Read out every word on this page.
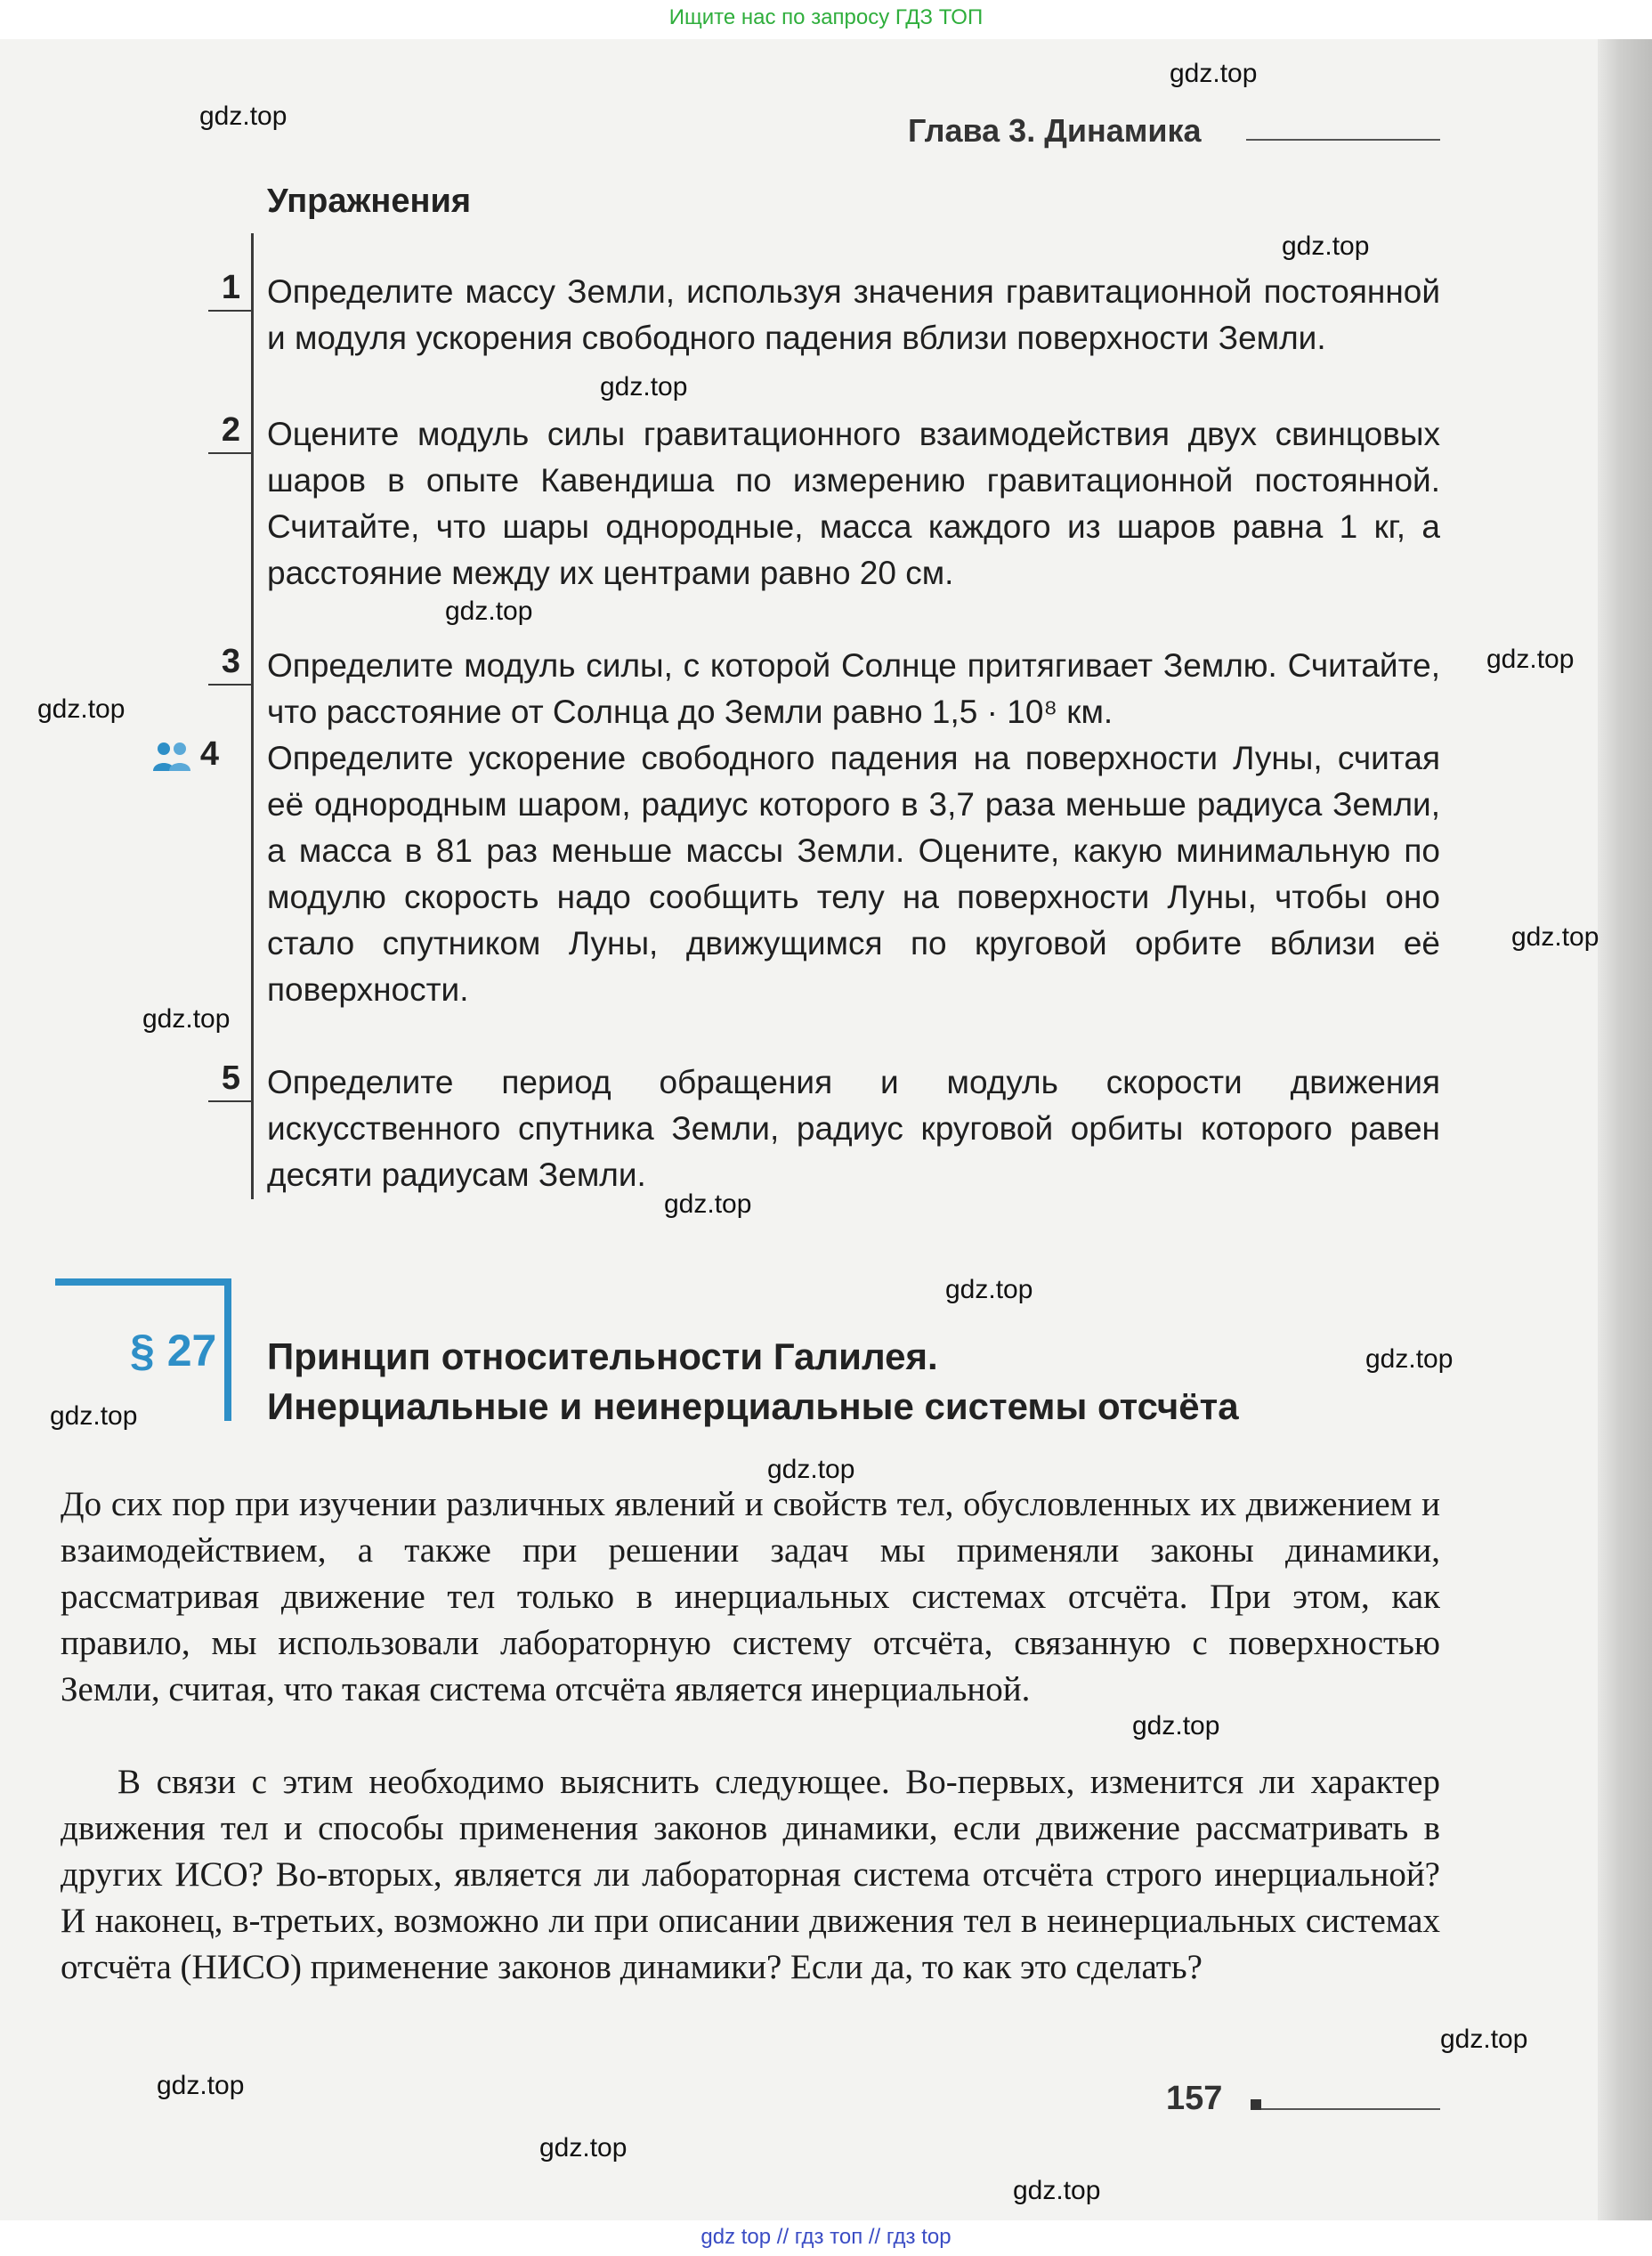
Ищите нас по запросу ГДЗ ТОП
Глава 3. Динамика
Упражнения
1 Определите массу Земли, используя значения гравитационной постоянной и модуля ускорения свободного падения вблизи поверхности Земли.
2 Оцените модуль силы гравитационного взаимодействия двух свинцовых шаров в опыте Кавендиша по измерению гравитационной постоянной. Считайте, что шары однородные, масса каждого из шаров равна 1 кг, а расстояние между их центрами равно 20 см.
3 Определите модуль силы, с которой Солнце притягивает Землю. Считайте, что расстояние от Солнца до Земли равно 1,5 · 10⁸ км.
4 Определите ускорение свободного падения на поверхности Луны, считая её однородным шаром, радиус которого в 3,7 раза меньше радиуса Земли, а масса в 81 раз меньше массы Земли. Оцените, какую минимальную по модулю скорость надо сообщить телу на поверхности Луны, чтобы оно стало спутником Луны, движущимся по круговой орбите вблизи её поверхности.
5 Определите период обращения и модуль скорости движения искусственного спутника Земли, радиус круговой орбиты которого равен десяти радиусам Земли.
§ 27 Принцип относительности Галилея.
Инерциальные и неинерциальные системы отсчёта
До сих пор при изучении различных явлений и свойств тел, обусловленных их движением и взаимодействием, а также при решении задач мы применяли законы динамики, рассматривая движение тел только в инерциальных системах отсчёта. При этом, как правило, мы использовали лабораторную систему отсчёта, связанную с поверхностью Земли, считая, что такая система отсчёта является инерциальной.
В связи с этим необходимо выяснить следующее. Во-первых, изменится ли характер движения тел и способы применения законов динамики, если движение рассматривать в других ИСО? Во-вторых, является ли лабораторная система отсчёта строго инерциальной? И наконец, в-третьих, возможно ли при описании движения тел в неинерциальных системах отсчёта (НИСО) применение законов динамики? Если да, то как это сделать?
157
gdz.top
gdz.top
gdz.top
gdz.top
gdz.top
gdz.top
gdz.top
gdz.top
gdz.top
gdz.top
gdz.top
gdz.top
gdz.top
gdz.top
gdz.top
gdz.top
gdz.top
gdz.top
gdz.top
gdz top // гдз топ // гдз top
